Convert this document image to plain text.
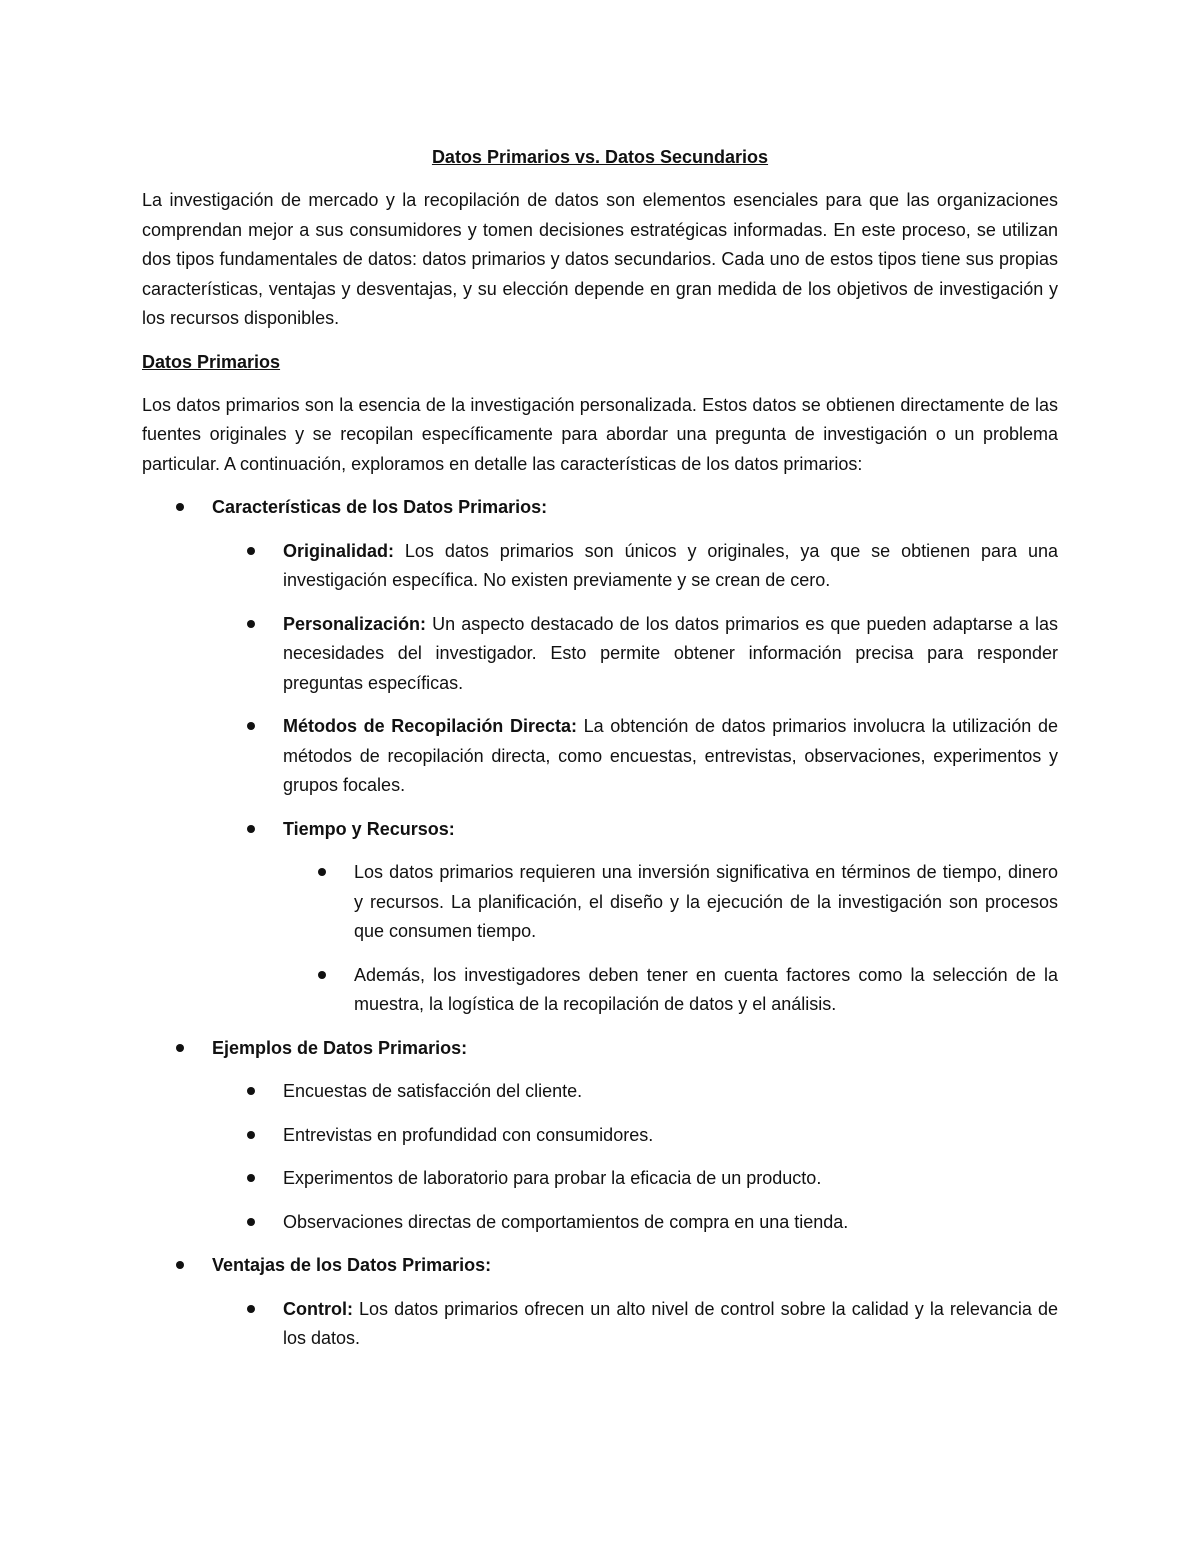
Datos Primarios vs. Datos Secundarios

La investigación de mercado y la recopilación de datos son elementos esenciales para que las organizaciones comprendan mejor a sus consumidores y tomen decisiones estratégicas informadas. En este proceso, se utilizan dos tipos fundamentales de datos: datos primarios y datos secundarios. Cada uno de estos tipos tiene sus propias características, ventajas y desventajas, y su elección depende en gran medida de los objetivos de investigación y los recursos disponibles.

Datos Primarios

Los datos primarios son la esencia de la investigación personalizada. Estos datos se obtienen directamente de las fuentes originales y se recopilan específicamente para abordar una pregunta de investigación o un problema particular. A continuación, exploramos en detalle las características de los datos primarios:

Características de los Datos Primarios:
Originalidad: Los datos primarios son únicos y originales, ya que se obtienen para una investigación específica. No existen previamente y se crean de cero.
Personalización: Un aspecto destacado de los datos primarios es que pueden adaptarse a las necesidades del investigador. Esto permite obtener información precisa para responder preguntas específicas.
Métodos de Recopilación Directa: La obtención de datos primarios involucra la utilización de métodos de recopilación directa, como encuestas, entrevistas, observaciones, experimentos y grupos focales.
Tiempo y Recursos:
Los datos primarios requieren una inversión significativa en términos de tiempo, dinero y recursos. La planificación, el diseño y la ejecución de la investigación son procesos que consumen tiempo.
Además, los investigadores deben tener en cuenta factores como la selección de la muestra, la logística de la recopilación de datos y el análisis.
Ejemplos de Datos Primarios:
Encuestas de satisfacción del cliente.
Entrevistas en profundidad con consumidores.
Experimentos de laboratorio para probar la eficacia de un producto.
Observaciones directas de comportamientos de compra en una tienda.
Ventajas de los Datos Primarios:
Control: Los datos primarios ofrecen un alto nivel de control sobre la calidad y la relevancia de los datos.
